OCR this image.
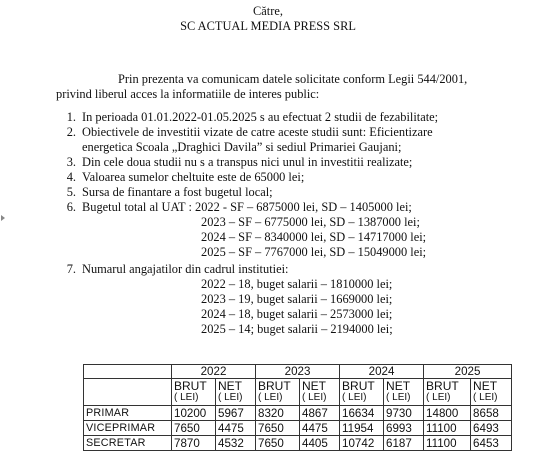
Către,
SC ACTUAL MEDIA PRESS SRL
Prin prezenta va comunicam datele solicitate conform Legii 544/2001,
privind liberul acces la informatiile de interes public:
1. In perioada 01.01.2022-01.05.2025 s au efectuat 2 studii de fezabilitate;
2. Obiectivele de investitii vizate de catre aceste studii sunt: Eficientizare
energetica Scoala „Draghici Davila” si sediul Primariei Gaujani;
3. Din cele doua studii nu s a transpus nici unul in investitii realizate;
4. Valoarea sumelor cheltuite este de 65000 lei;
5. Sursa de finantare a fost bugetul local;
6. Bugetul total al UAT : 2022 - SF – 6875000 lei, SD – 1405000 lei;
2023 – SF – 6775000 lei, SD – 1387000 lei;
2024 – SF – 8340000 lei, SD – 14717000 lei;
2025 – SF – 7767000 lei, SD – 15049000 lei;
7. Numarul angajatilor din cadrul institutiei:
2022 – 18, buget salarii – 1810000 lei;
2023 – 19, buget salarii – 1669000 lei;
2024 – 18, buget salarii – 2573000 lei;
2025 – 14; buget salarii – 2194000 lei;
	2022		2023		2024		2025	

	BRUT
( LEI)	NET
( LEI)	BRUT
( LEI)	NET
( LEI)	BRUT
( LEI)	NET
( LEI)	BRUT
( LEI)	NET
( LEI)

PRIMAR	10200	5967	8320	4867	16634	9730	14800	8658
VICEPRIMAR	7650	4475	7650	4475	11954	6993	11100	6493
SECRETAR	7870	4532	7650	4405	10742	6187	11100	6453
